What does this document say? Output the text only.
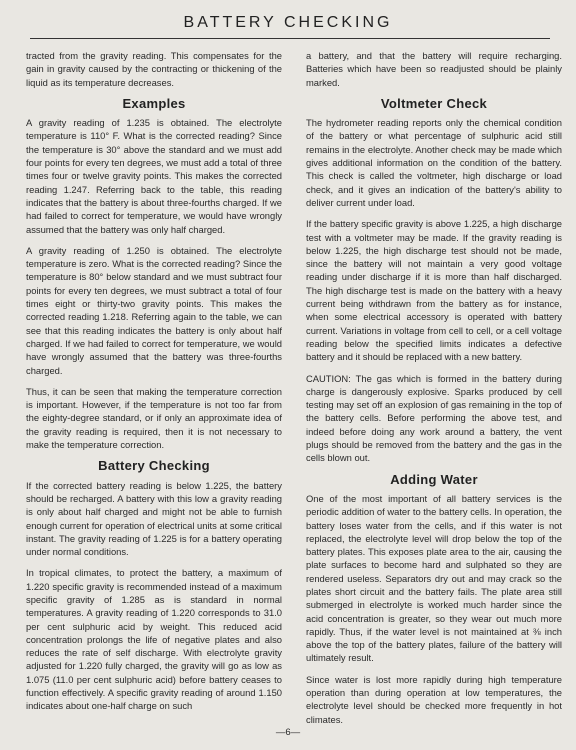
BATTERY CHECKING

tracted from the gravity reading. This compensates for the gain in gravity caused by the contracting or thickening of the liquid as its temperature decreases.

Examples

A gravity reading of 1.235 is obtained. The electrolyte temperature is 110° F. What is the corrected reading? Since the temperature is 30° above the standard and we must add four points for every ten degrees, we must add a total of three times four or twelve gravity points. This makes the corrected reading 1.247. Referring back to the table, this reading indicates that the battery is about three-fourths charged. If we had failed to correct for temperature, we would have wrongly assumed that the battery was only half charged.

A gravity reading of 1.250 is obtained. The electrolyte temperature is zero. What is the corrected reading? Since the temperature is 80° below standard and we must subtract four points for every ten degrees, we must subtract a total of four times eight or thirty-two gravity points. This makes the corrected reading 1.218. Referring again to the table, we can see that this reading indicates the battery is only about half charged. If we had failed to correct for temperature, we would have wrongly assumed that the battery was three-fourths charged.

Thus, it can be seen that making the temperature correction is important. However, if the temperature is not too far from the eighty-degree standard, or if only an approximate idea of the gravity reading is required, then it is not necessary to make the temperature correction.

Battery Checking

If the corrected battery reading is below 1.225, the battery should be recharged. A battery with this low a gravity reading is only about half charged and might not be able to furnish enough current for operation of electrical units at some critical instant. The gravity reading of 1.225 is for a battery operating under normal conditions.

In tropical climates, to protect the battery, a maximum of 1.220 specific gravity is recommended instead of a maximum specific gravity of 1.285 as is standard in normal temperatures. A gravity reading of 1.220 corresponds to 31.0 per cent sulphuric acid by weight. This reduced acid concentration prolongs the life of negative plates and also reduces the rate of self discharge. With electrolyte gravity adjusted for 1.220 fully charged, the gravity will go as low as 1.075 (11.0 per cent sulphuric acid) before battery ceases to function effectively. A specific gravity reading of around 1.150 indicates about one-half charge on such

a battery, and that the battery will require recharging. Batteries which have been so readjusted should be plainly marked.

Voltmeter Check

The hydrometer reading reports only the chemical condition of the battery or what percentage of sulphuric acid still remains in the electrolyte. Another check may be made which gives additional information on the condition of the battery. This check is called the voltmeter, high discharge or load check, and it gives an indication of the battery's ability to deliver current under load.

If the battery specific gravity is above 1.225, a high discharge test with a voltmeter may be made. If the gravity reading is below 1.225, the high discharge test should not be made, since the battery will not maintain a very good voltage reading under discharge if it is more than half discharged. The high discharge test is made on the battery with a heavy current being withdrawn from the battery as for instance, when some electrical accessory is operated with battery current. Variations in voltage from cell to cell, or a cell voltage reading below the specified limits indicates a defective battery and it should be replaced with a new battery.

CAUTION: The gas which is formed in the battery during charge is dangerously explosive. Sparks produced by cell testing may set off an explosion of gas remaining in the top of the battery cells. Before performing the above test, and indeed before doing any work around a battery, the vent plugs should be removed from the battery and the gas in the cells blown out.

Adding Water

One of the most important of all battery services is the periodic addition of water to the battery cells. In operation, the battery loses water from the cells, and if this water is not replaced, the electrolyte level will drop below the top of the battery plates. This exposes plate area to the air, causing the plate surfaces to become hard and sulphated so they are rendered useless. Separators dry out and may crack so the plates short circuit and the battery fails. The plate area still submerged in electrolyte is worked much harder since the acid concentration is greater, so they wear out much more rapidly. Thus, if the water level is not maintained at ⅜ inch above the top of the battery plates, failure of the battery will ultimately result.

Since water is lost more rapidly during high temperature operation than during operation at low temperatures, the electrolyte level should be checked more frequently in hot climates.

—6—
